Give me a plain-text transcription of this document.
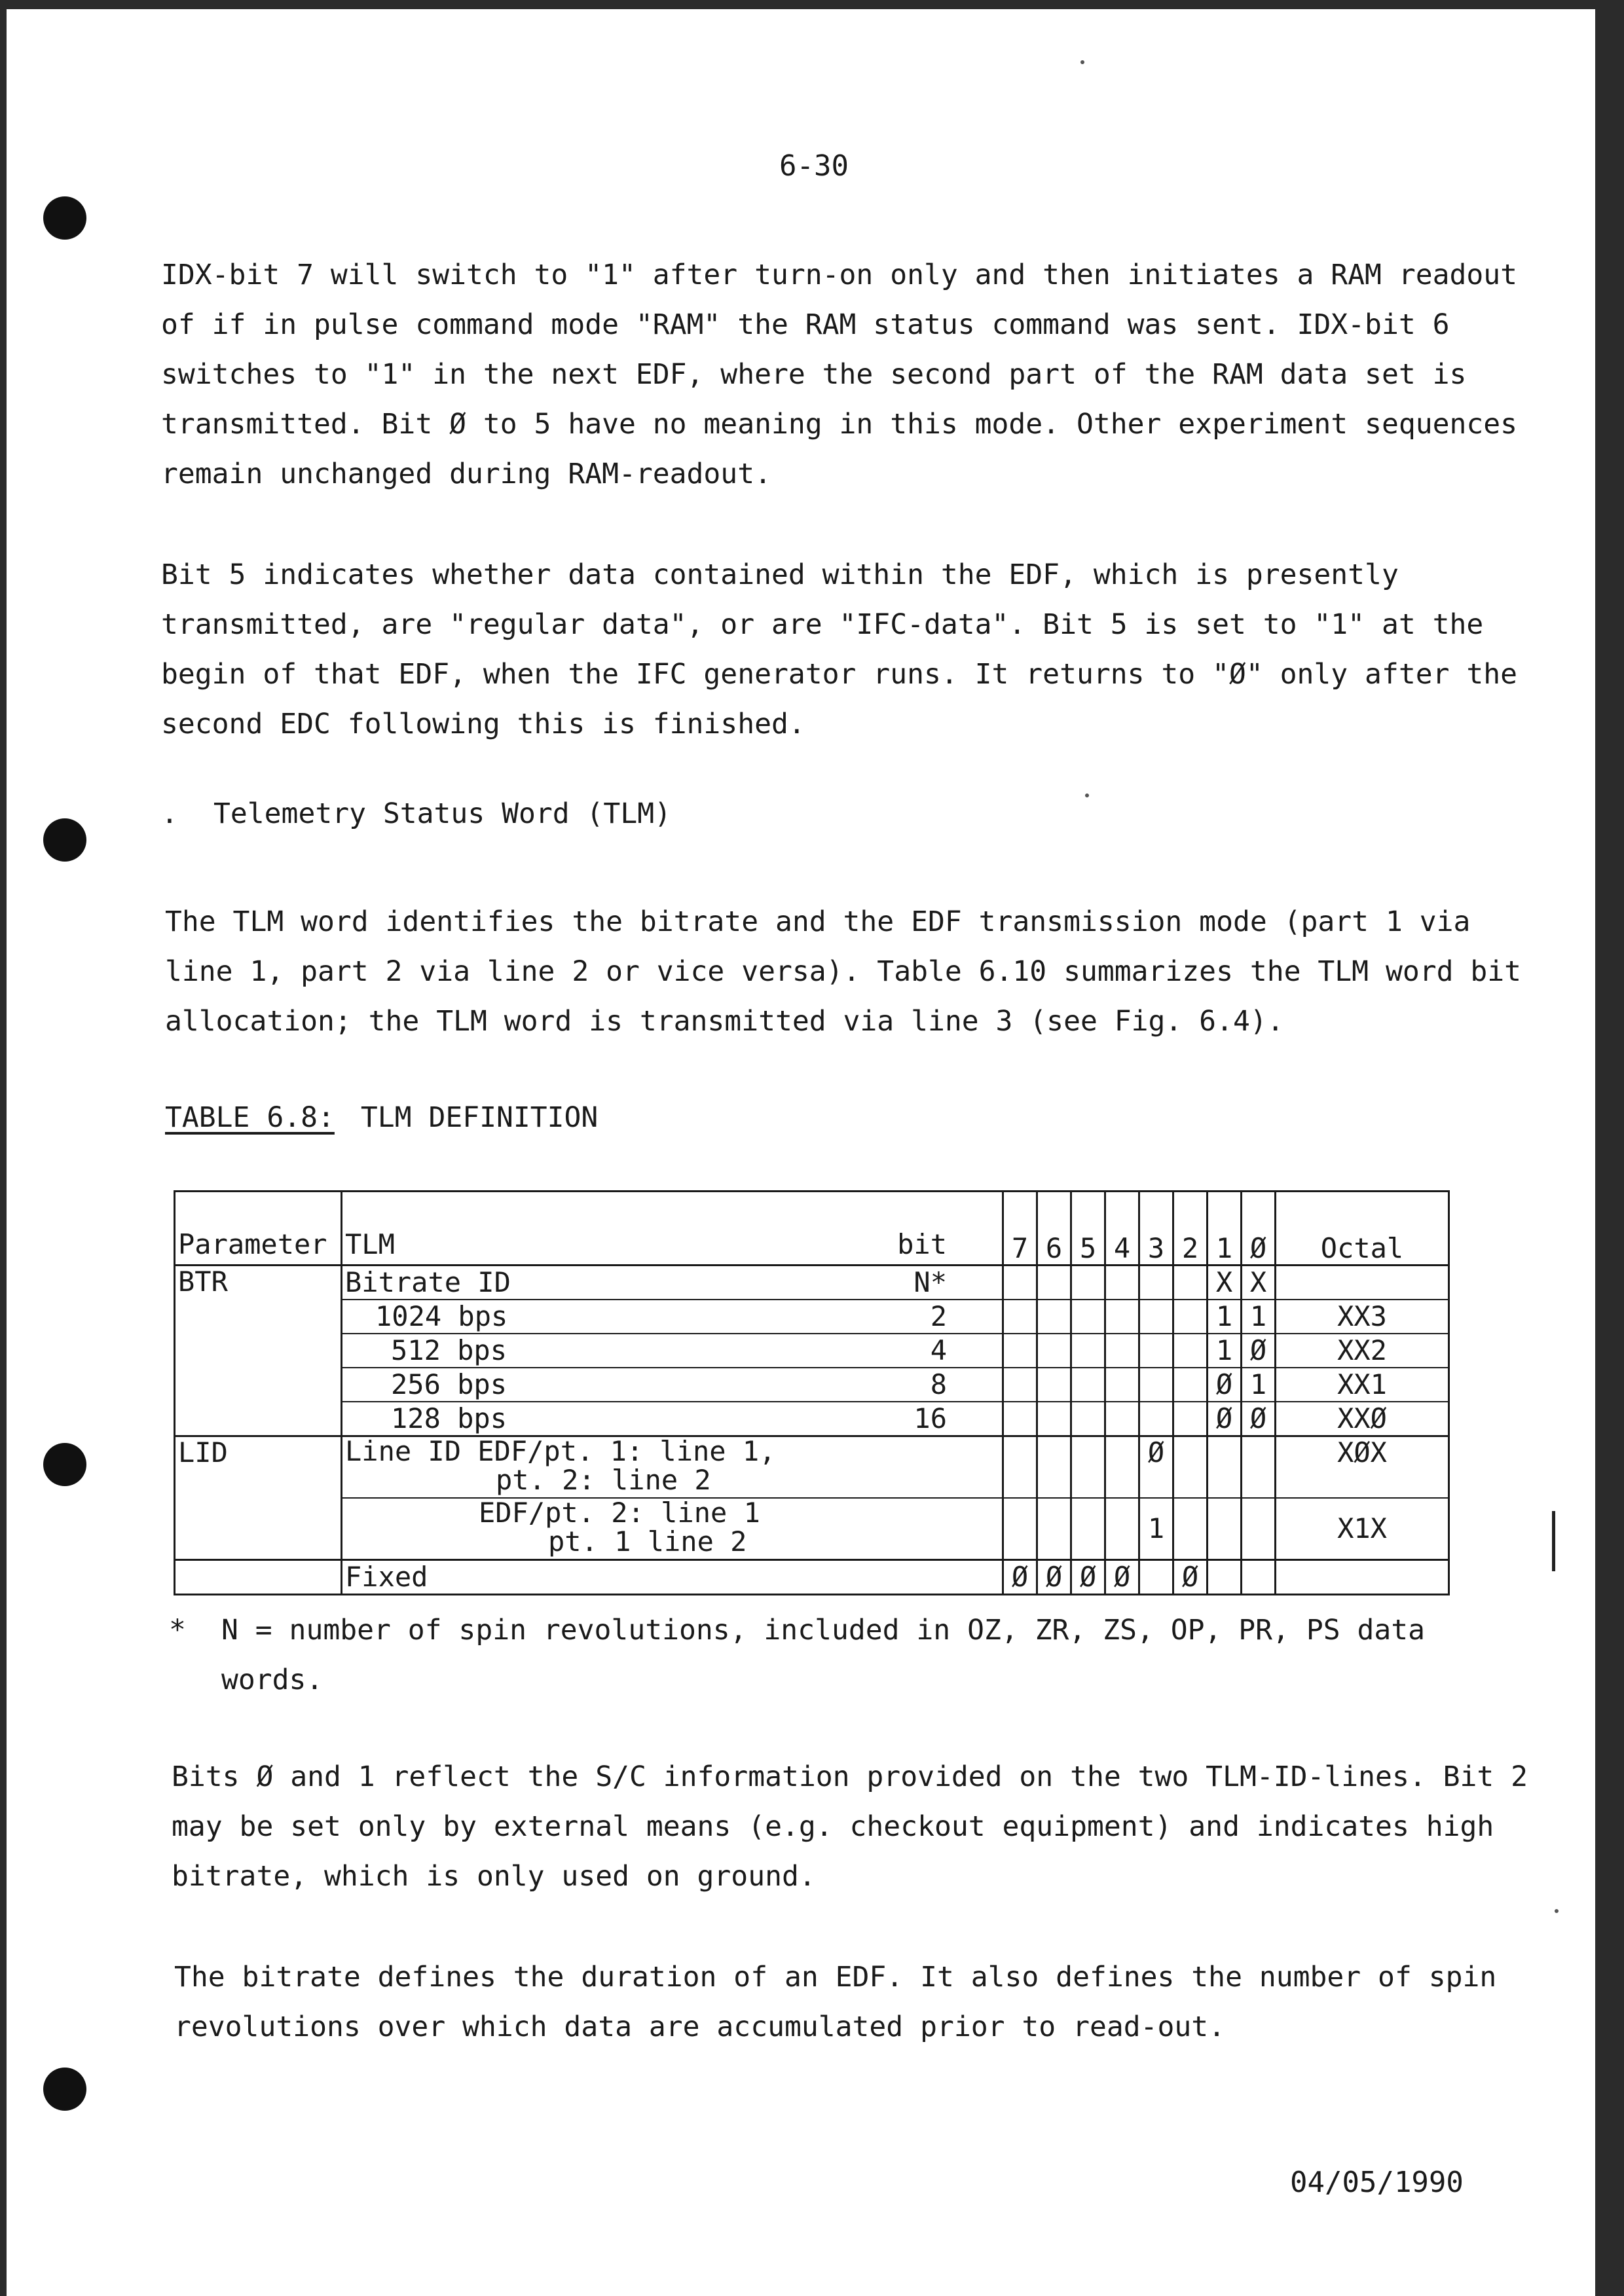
6-30

IDX-bit 7 will switch to "1" after turn-on only and then initiates a RAM readout
of if in pulse command mode "RAM" the RAM status command was sent. IDX-bit 6
switches to "1" in the next EDF, where the second part of the RAM data set is
transmitted. Bit Ø to 5 have no meaning in this mode. Other experiment sequences
remain unchanged during RAM-readout.

Bit 5 indicates whether data contained within the EDF, which is presently
transmitted, are "regular data", or are "IFC-data". Bit 5 is set to "1" at the
begin of that EDF, when the IFC generator runs. It returns to "Ø" only after the
second EDC following this is finished.

. Telemetry Status Word (TLM)

The TLM word identifies the bitrate and the EDF transmission mode (part 1 via
line 1, part 2 via line 2 or vice versa). Table 6.10 summarizes the TLM word bit
allocation; the TLM word is transmitted via line 3 (see Fig. 6.4).

TABLE 6.8: TLM DEFINITION
Parameter	TLM bit	7	6	5	4	3	2	1	Ø	Octal
BTR	Bitrate ID N*							X	X	
	1024 bps 2							1	1	XX3
	512 bps 4							1	Ø	XX2
	256 bps 8							Ø	1	XX1
	128 bps 16							Ø	Ø	XXØ
LID	Line ID EDF/pt. 1: line 1,
pt. 2: line 2					Ø				XØX

	EDF/pt. 2: line 1
pt. 1 line 2					1				X1X
	Fixed	Ø	Ø	Ø	Ø		Ø			
* N = number of spin revolutions, included in OZ, ZR, ZS, OP, PR, PS data
words.

Bits Ø and 1 reflect the S/C information provided on the two TLM-ID-lines. Bit 2
may be set only by external means (e.g. checkout equipment) and indicates high
bitrate, which is only used on ground.

The bitrate defines the duration of an EDF. It also defines the number of spin
revolutions over which data are accumulated prior to read-out.

04/05/1990
